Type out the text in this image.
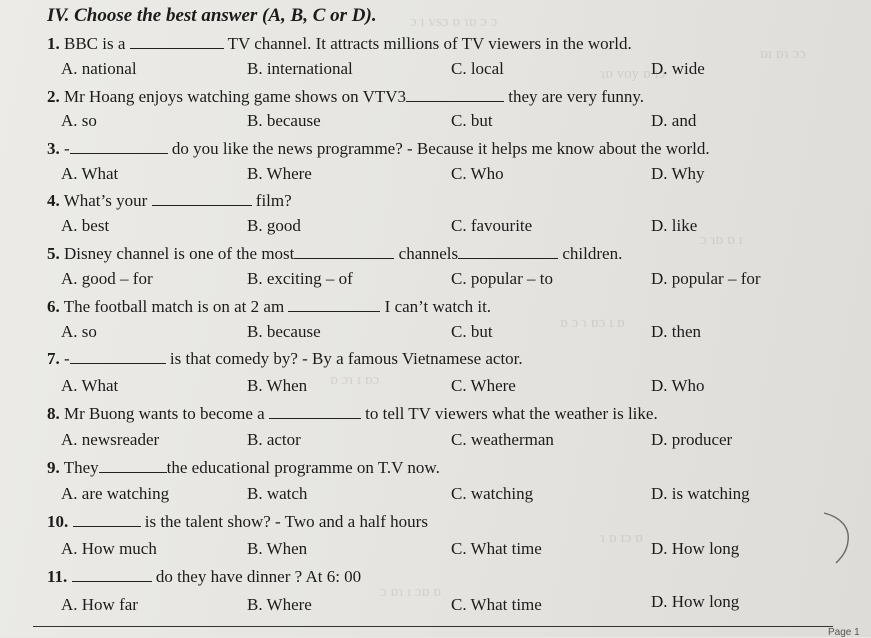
ɔ ı vsɔ ɒ ɿɒ ɔ ɔ
ɿɒ voy ɒ ıɔ
ɒı ɒɿ ɔɔ
ɔ ɿɒ ɒ ı
ɒ ɔ ɿ ɒɔ ı ɒ
ɒ ɔɿ ı ɒɔ
ɿ ɒ ıɔ ɒ
ɔ ɒɿ ı ɔɒ ɒ
IV. Choose the best answer (A, B, C or D).
1. BBC is a	TV channel. It attracts millions of TV viewers in the world.
A. national	B. international	C. local	D. wide
2. Mr Hoang enjoys watching game shows on VTV3	they are very funny.
A. so	B. because	C. but	D. and
3. -	do you like the news programme? - Because it helps me know about the world.
A. What	B. Where	C. Who	D. Why
4. What’s your	film?
A. best	B. good	C. favourite	D. like
5. Disney channel is one of the most	channels	children.
A. good – for	B. exciting – of	C. popular – to	D. popular – for
6. The football match is on at 2 am	I can’t watch it.
A. so	B. because	C. but	D. then
7. -	is that comedy by? - By a famous Vietnamese actor.
A. What	B. When	C. Where	D. Who
8. Mr Buong wants to become a	to tell TV viewers what the weather is like.
A. newsreader	B. actor	C. weatherman	D. producer
9. They	the educational programme on T.V now.
A. are watching	B. watch	C. watching	D. is watching
10.	is the talent show? - Two and a half hours
A. How much	B. When	C. What time	D. How long
11.	do they have dinner ? At 6: 00
A. How far	B. Where	C. What time	D. How long
Page 1
